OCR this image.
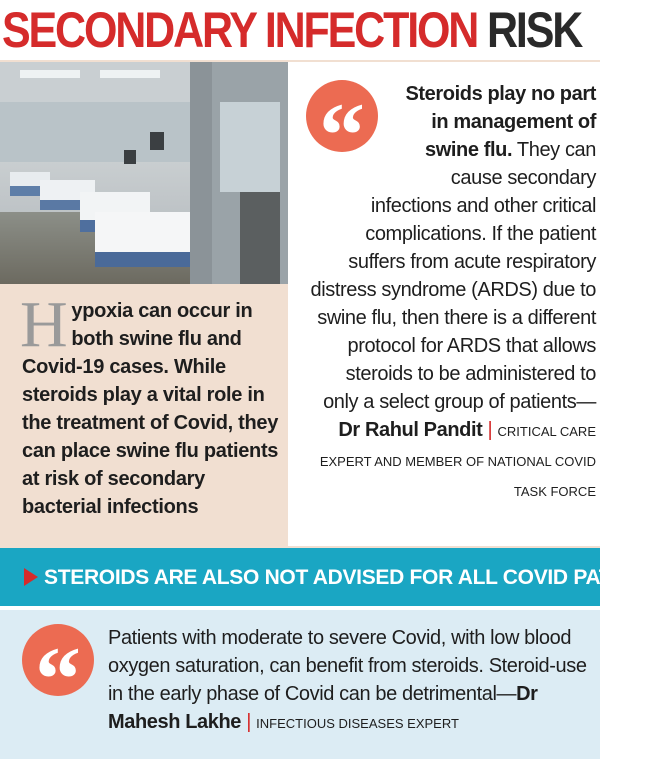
SECONDARY INFECTION RISK
Hypoxia can occur in both swine flu and Covid-19 cases. While steroids play a vital role in the treatment of Covid, they can place swine flu patients at risk of secondary bacterial infections
“	Steroids play no part in management of swine flu. They can cause secondary infections and other critical complications. If the patient suffers from acute respiratory distress syndrome (ARDS) due to swine flu, then there is a different protocol for ARDS that allows steroids to be administered to only a select group of patients—Dr Rahul Pandit | CRITICAL CARE EXPERT AND MEMBER OF NATIONAL COVID TASK FORCE
STEROIDS ARE ALSO NOT ADVISED FOR ALL COVID PATIENTS
“	Patients with moderate to severe Covid, with low blood oxygen saturation, can benefit from steroids. Steroid-use in the early phase of Covid can be detrimental—Dr Mahesh Lakhe | INFECTIOUS DISEASES EXPERT
